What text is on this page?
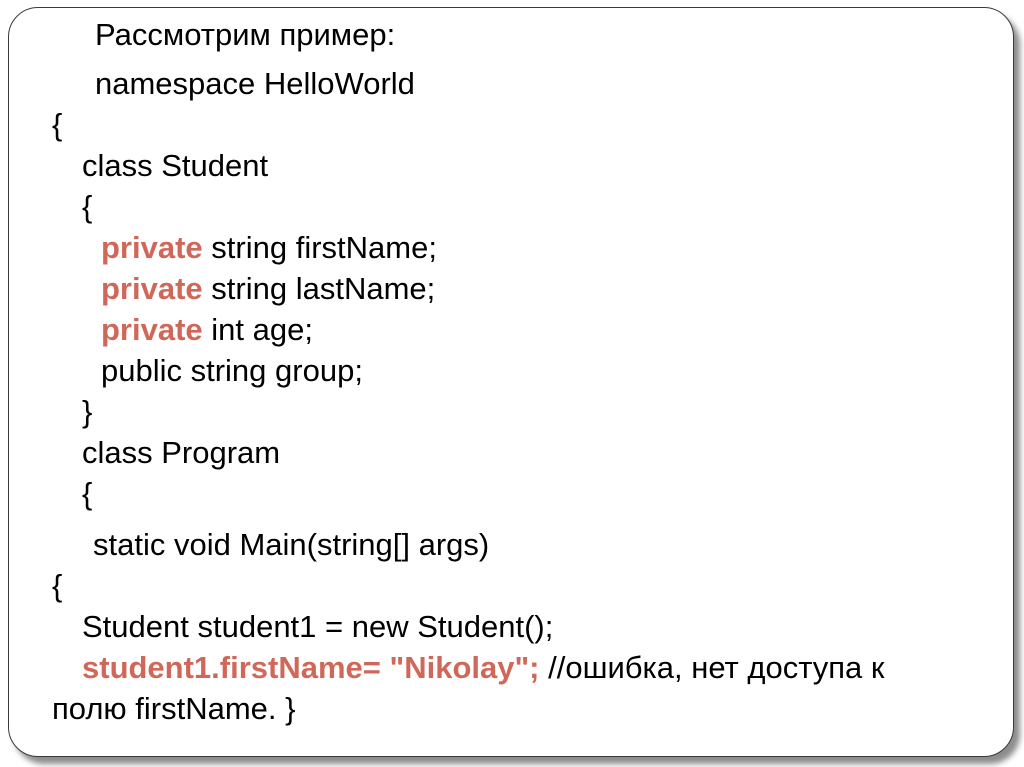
Рассмотрим пример:
namespace HelloWorld
{
class Student
{
private string firstName;
private string lastName;
private int age;
public string group;
}
class Program
{
static void Main(string[] args)
{
Student student1 = new Student();
student1.firstName= "Nikolay"; //ошибка, нет доступа к
полю firstName. }
